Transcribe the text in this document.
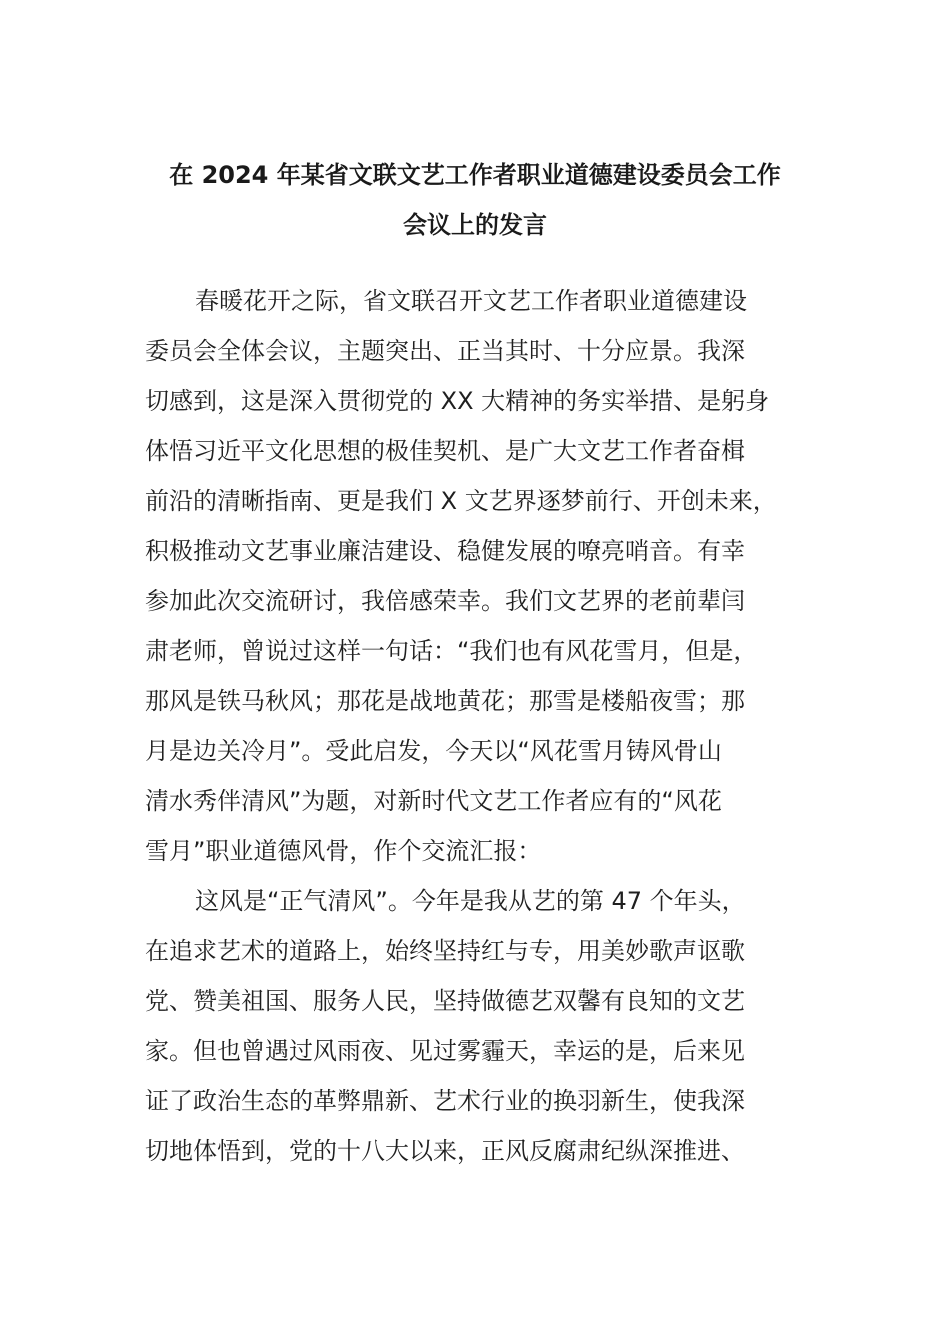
在 2024 年某省文联文艺工作者职业道德建设委员会工作
会议上的发言
春暖花开之际，省文联召开文艺工作者职业道德建设
委员会全体会议，主题突出、正当其时、十分应景。我深
切感到，这是深入贯彻党的 XX 大精神的务实举措、是躬身
体悟习近平文化思想的极佳契机、是广大文艺工作者奋楫
前沿的清晰指南、更是我们 X 文艺界逐梦前行、开创未来，
积极推动文艺事业廉洁建设、稳健发展的嘹亮哨音。有幸
参加此次交流研讨，我倍感荣幸。我们文艺界的老前辈闫
肃老师，曾说过这样一句话：“我们也有风花雪月，但是，
那风是铁马秋风；那花是战地黄花；那雪是楼船夜雪；那
月是边关冷月”。受此启发，今天以“风花雪月铸风骨山
清水秀伴清风”为题，对新时代文艺工作者应有的“风花
雪月”职业道德风骨，作个交流汇报：
这风是“正气清风”。今年是我从艺的第 47 个年头，
在追求艺术的道路上，始终坚持红与专，用美妙歌声讴歌
党、赞美祖国、服务人民，坚持做德艺双馨有良知的文艺
家。但也曾遇过风雨夜、见过雾霾天，幸运的是，后来见
证了政治生态的革弊鼎新、艺术行业的换羽新生，使我深
切地体悟到，党的十八大以来，正风反腐肃纪纵深推进、
